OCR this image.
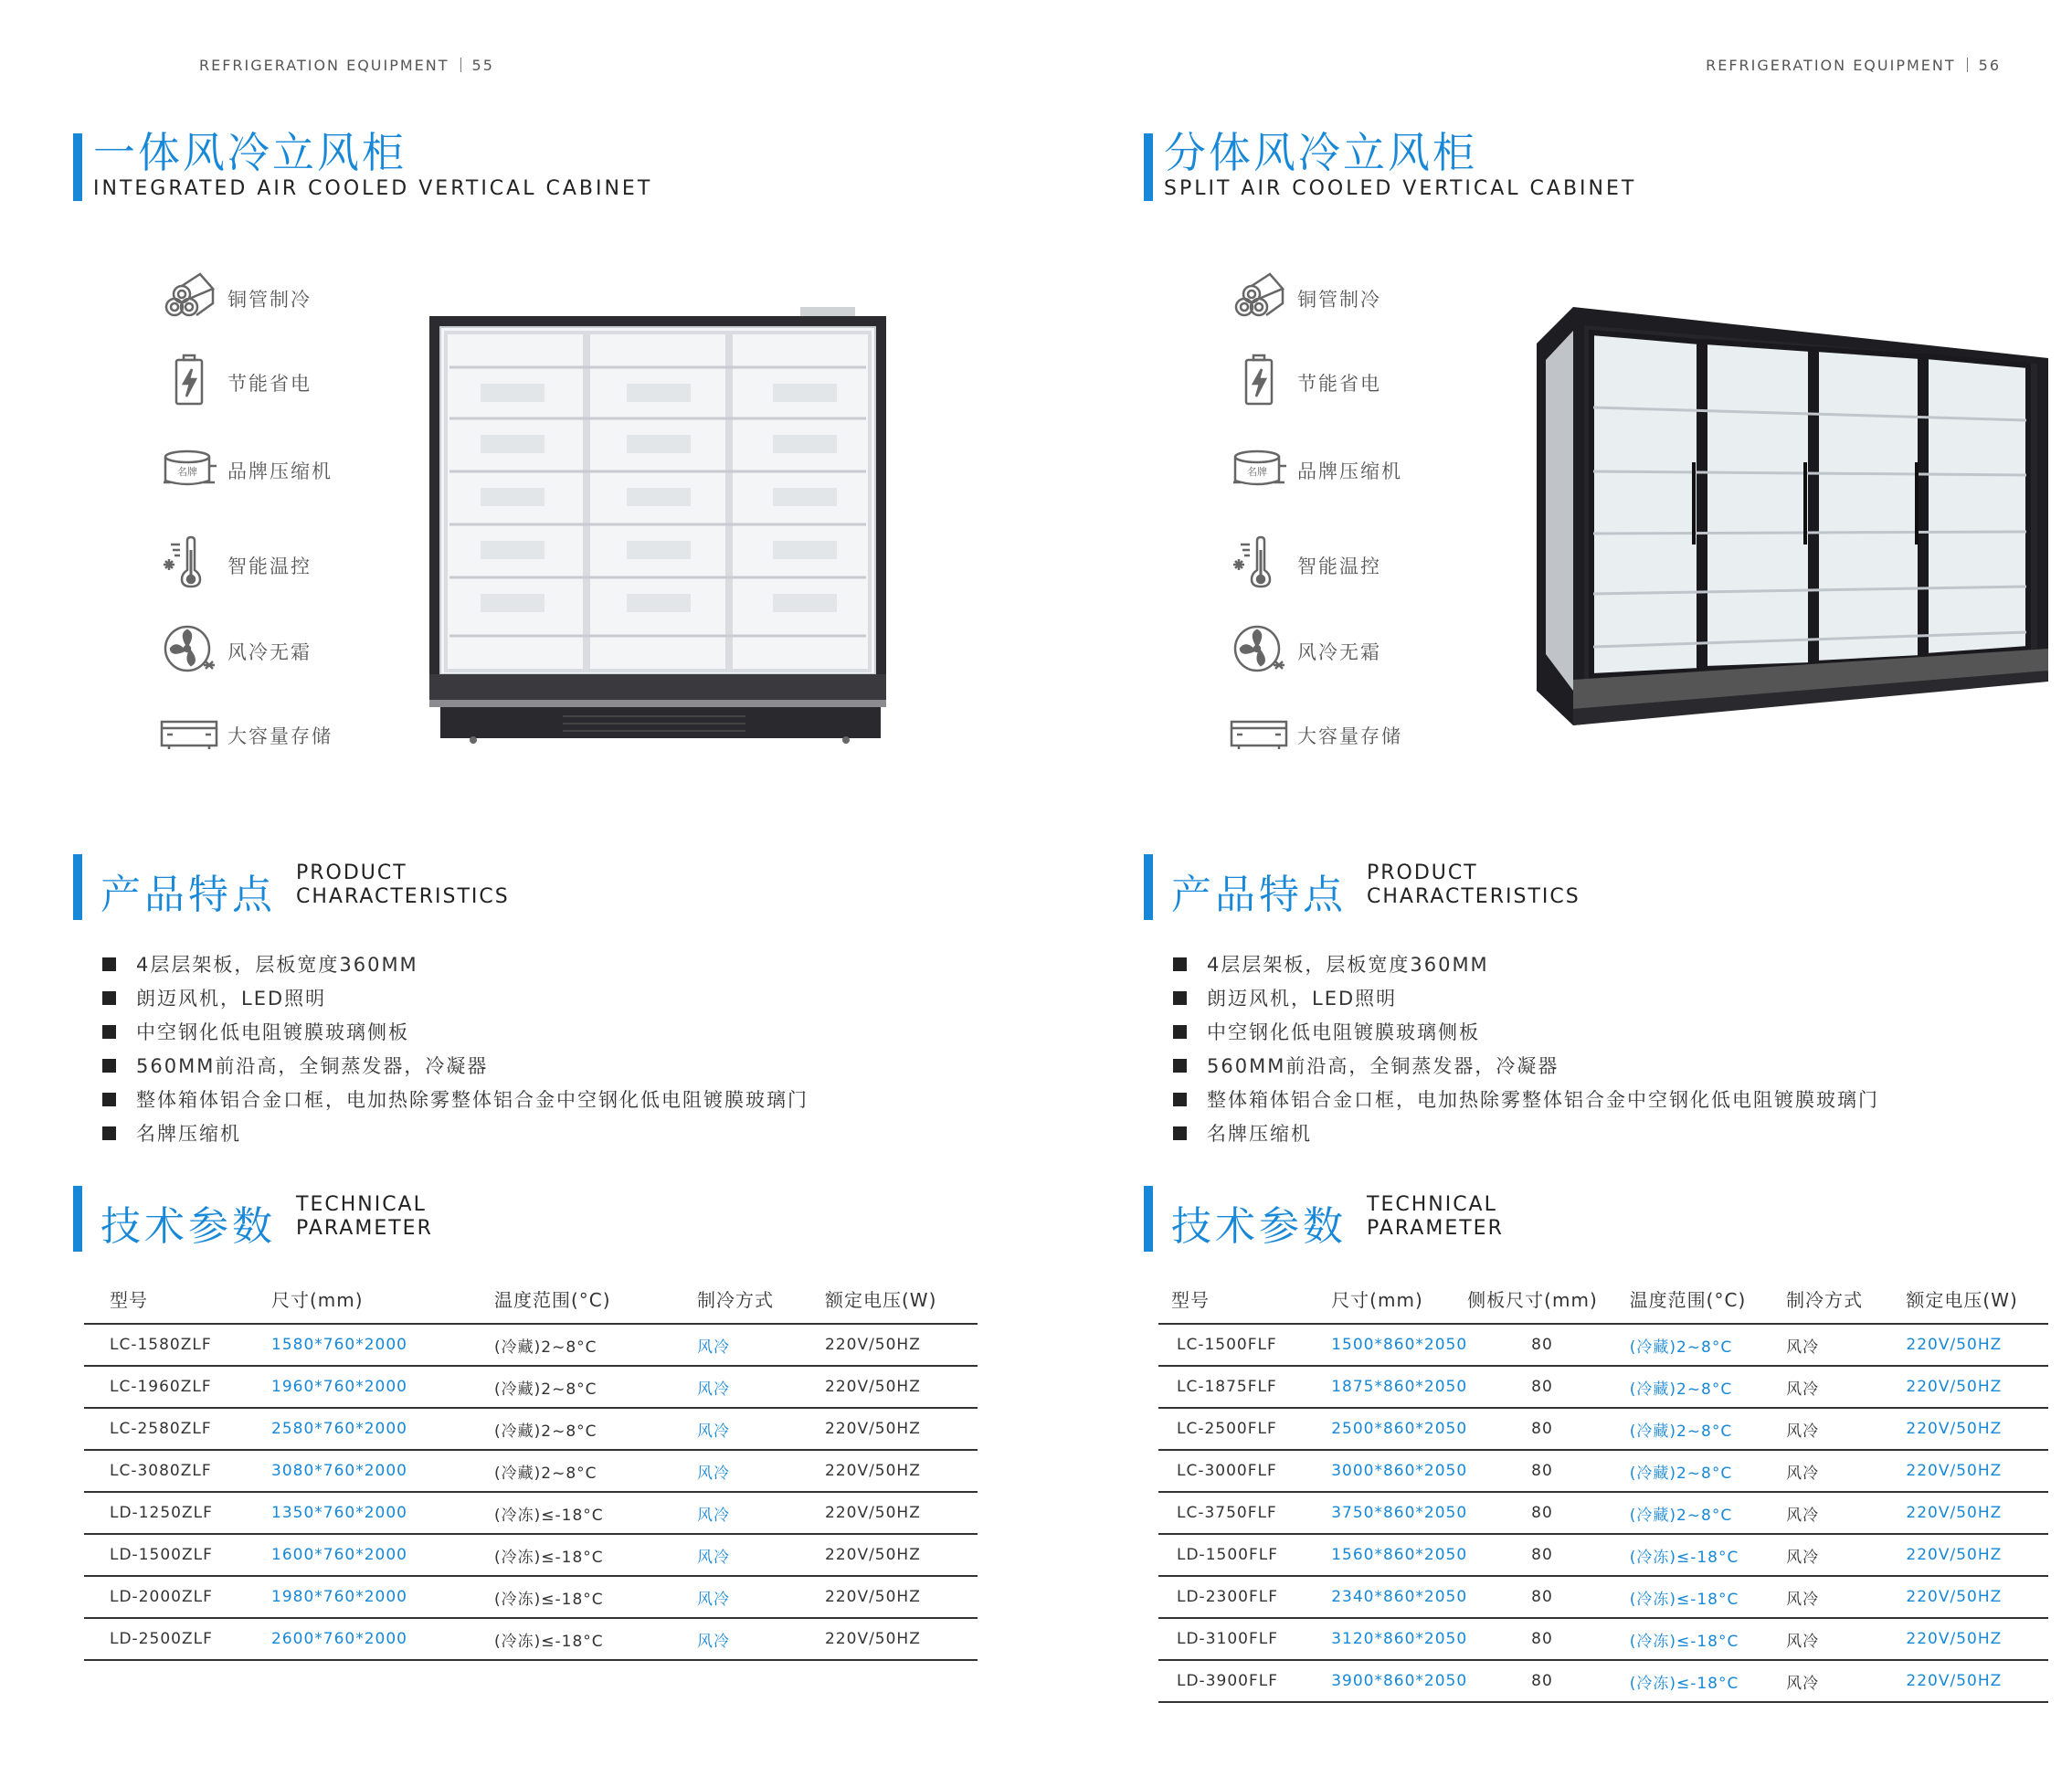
REFRIGERATION EQUIPMENT 55
一体风冷立风柜
INTEGRATED AIR COOLED VERTICAL CABINET
铜管制冷
节能省电
名牌 品牌压缩机
智能温控
风冷无霜
大容量存储
产品特点 PRODUCT
CHARACTERISTICS
4层层架板，层板宽度360MM
朗迈风机，LED照明
中空钢化低电阻镀膜玻璃侧板
560MM前沿高，全铜蒸发器，冷凝器
整体箱体铝合金口框，电加热除雾整体铝合金中空钢化低电阻镀膜玻璃门
名牌压缩机
技术参数 TECHNICAL
PARAMETER
型号	尺寸(mm)	温度范围(°C)	制冷方式	额定电压(W)
LC-1580ZLF	1580*760*2000	(冷藏)2~8°C	风冷	220V/50HZ
LC-1960ZLF	1960*760*2000	(冷藏)2~8°C	风冷	220V/50HZ
LC-2580ZLF	2580*760*2000	(冷藏)2~8°C	风冷	220V/50HZ
LC-3080ZLF	3080*760*2000	(冷藏)2~8°C	风冷	220V/50HZ
LD-1250ZLF	1350*760*2000	(冷冻)≤-18°C	风冷	220V/50HZ
LD-1500ZLF	1600*760*2000	(冷冻)≤-18°C	风冷	220V/50HZ
LD-2000ZLF	1980*760*2000	(冷冻)≤-18°C	风冷	220V/50HZ
LD-2500ZLF	2600*760*2000	(冷冻)≤-18°C	风冷	220V/50HZ
REFRIGERATION EQUIPMENT 56
分体风冷立风柜
SPLIT AIR COOLED VERTICAL CABINET
铜管制冷
节能省电
名牌 品牌压缩机
智能温控
风冷无霜
大容量存储
产品特点 PRODUCT
CHARACTERISTICS
4层层架板，层板宽度360MM
朗迈风机，LED照明
中空钢化低电阻镀膜玻璃侧板
560MM前沿高，全铜蒸发器，冷凝器
整体箱体铝合金口框，电加热除雾整体铝合金中空钢化低电阻镀膜玻璃门
名牌压缩机
技术参数 TECHNICAL
PARAMETER
型号	尺寸(mm)	侧板尺寸(mm)	温度范围(°C)	制冷方式	额定电压(W)
LC-1500FLF	1500*860*2050	80	(冷藏)2~8°C	风冷	220V/50HZ
LC-1875FLF	1875*860*2050	80	(冷藏)2~8°C	风冷	220V/50HZ
LC-2500FLF	2500*860*2050	80	(冷藏)2~8°C	风冷	220V/50HZ
LC-3000FLF	3000*860*2050	80	(冷藏)2~8°C	风冷	220V/50HZ
LC-3750FLF	3750*860*2050	80	(冷藏)2~8°C	风冷	220V/50HZ
LD-1500FLF	1560*860*2050	80	(冷冻)≤-18°C	风冷	220V/50HZ
LD-2300FLF	2340*860*2050	80	(冷冻)≤-18°C	风冷	220V/50HZ
LD-3100FLF	3120*860*2050	80	(冷冻)≤-18°C	风冷	220V/50HZ
LD-3900FLF	3900*860*2050	80	(冷冻)≤-18°C	风冷	220V/50HZ
